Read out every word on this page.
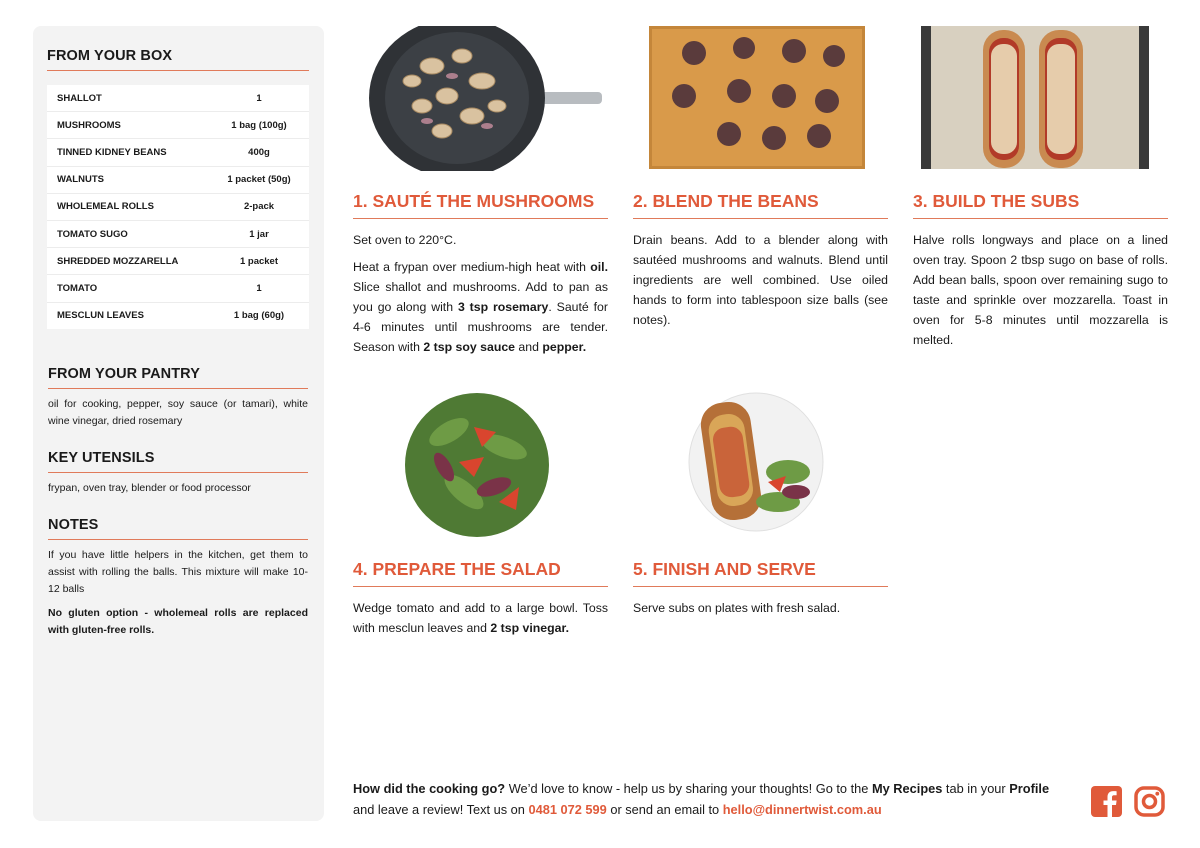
FROM YOUR BOX
SHALLOT	1
MUSHROOMS	1 bag (100g)
TINNED KIDNEY BEANS	400g
WALNUTS	1 packet (50g)
WHOLEMEAL ROLLS	2-pack
TOMATO SUGO	1 jar
SHREDDED MOZZARELLA	1 packet
TOMATO	1
MESCLUN LEAVES	1 bag (60g)
FROM YOUR PANTRY
oil for cooking, pepper, soy sauce (or tamari), white wine vinegar, dried rosemary
KEY UTENSILS
frypan, oven tray, blender or food processor
NOTES
If you have little helpers in the kitchen, get them to assist with rolling the balls. This mixture will make 10-12 balls
No gluten option - wholemeal rolls are replaced with gluten-free rolls.
1. SAUTÉ THE MUSHROOMS

Set oven to 220°C.

Heat a frypan over medium-high heat with oil. Slice shallot and mushrooms. Add to pan as you go along with 3 tsp rosemary. Sauté for 4-6 minutes until mushrooms are tender. Season with 2 tsp soy sauce and pepper.

2. BLEND THE BEANS

Drain beans. Add to a blender along with sautéed mushrooms and walnuts. Blend until ingredients are well combined. Use oiled hands to form into tablespoon size balls (see notes).

3. BUILD THE SUBS

Halve rolls longways and place on a lined oven tray. Spoon 2 tbsp sugo on base of rolls. Add bean balls, spoon over remaining sugo to taste and sprinkle over mozzarella. Toast in oven for 5-8 minutes until mozzarella is melted.

4. PREPARE THE SALAD

Wedge tomato and add to a large bowl. Toss with mesclun leaves and 2 tsp vinegar.

5. FINISH AND SERVE

Serve subs on plates with fresh salad.

How did the cooking go? We’d love to know - help us by sharing your thoughts! Go to the My Recipes tab in your Profile and leave a review! Text us on 0481 072 599 or send an email to hello@dinnertwist.com.au
